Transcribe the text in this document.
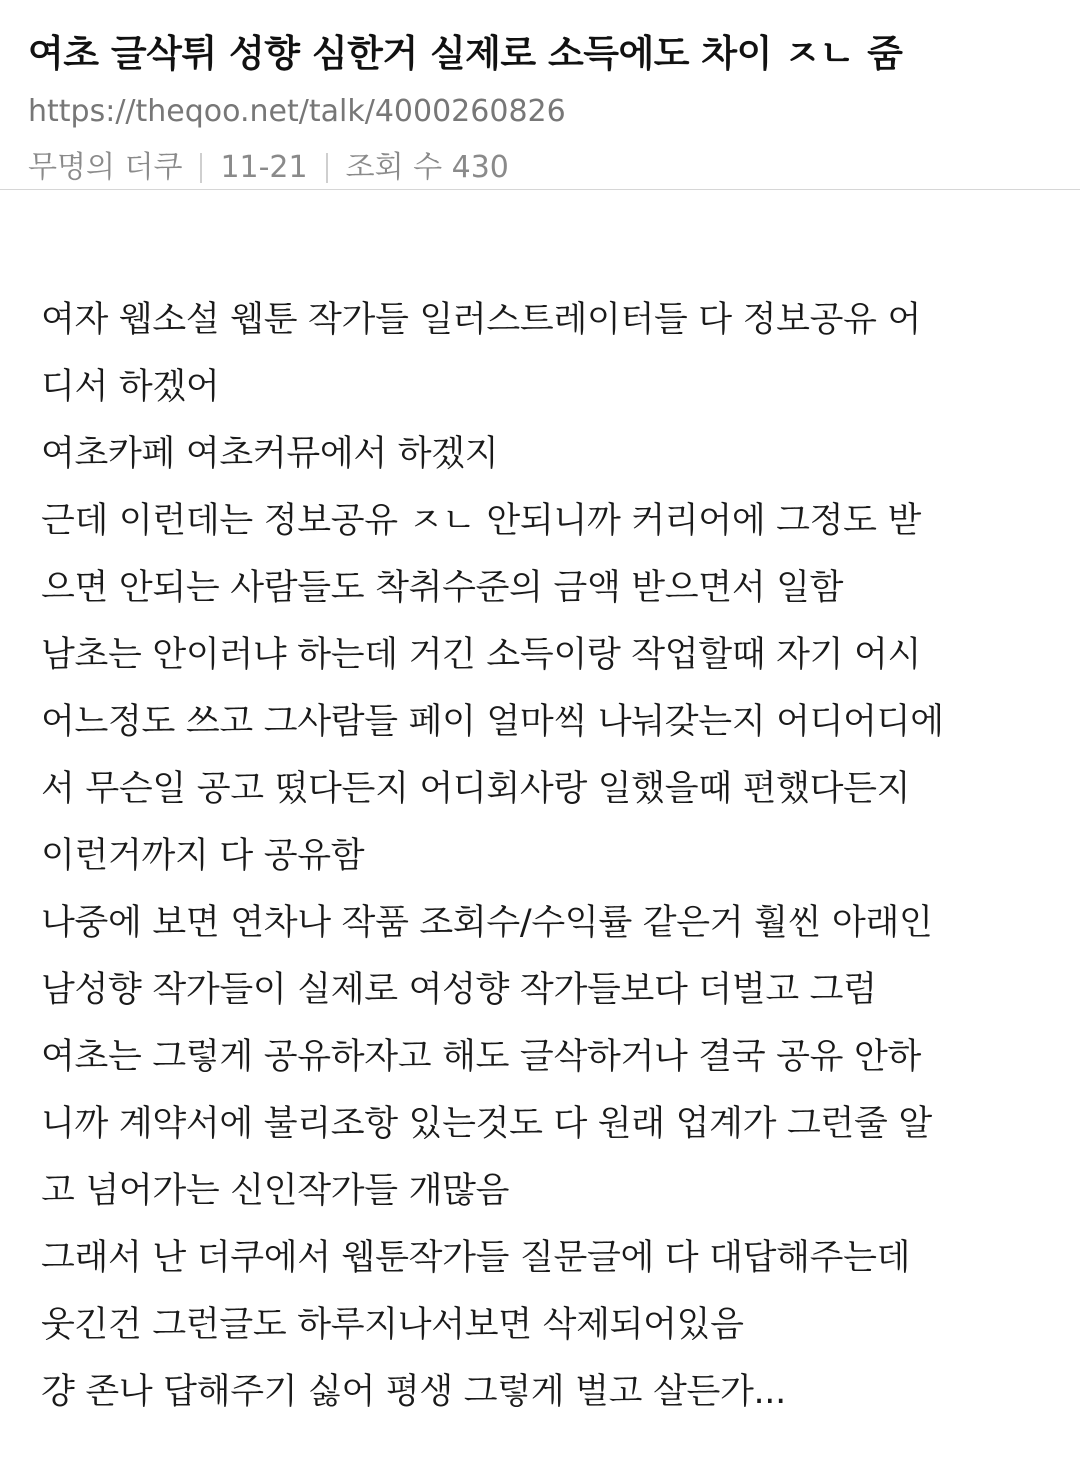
여초 글삭튀 성향 심한거 실제로 소득에도 차이 ㅈㄴ 줌
https://theqoo.net/talk/4000260826
무명의 더쿠 11-21 조회 수 430
여자 웹소설 웹툰 작가들 일러스트레이터들 다 정보공유 어
디서 하겠어
여초카페 여초커뮤에서 하겠지
근데 이런데는 정보공유 ㅈㄴ 안되니까 커리어에 그정도 받
으면 안되는 사람들도 착취수준의 금액 받으면서 일함
남초는 안이러냐 하는데 거긴 소득이랑 작업할때 자기 어시
어느정도 쓰고 그사람들 페이 얼마씩 나눠갖는지 어디어디에
서 무슨일 공고 떴다든지 어디회사랑 일했을때 편했다든지
이런거까지 다 공유함
나중에 보면 연차나 작품 조회수/수익률 같은거 훨씬 아래인
남성향 작가들이 실제로 여성향 작가들보다 더벌고 그럼
여초는 그렇게 공유하자고 해도 글삭하거나 결국 공유 안하
니까 계약서에 불리조항 있는것도 다 원래 업계가 그런줄 알
고 넘어가는 신인작가들 개많음
그래서 난 더쿠에서 웹툰작가들 질문글에 다 대답해주는데
웃긴건 그런글도 하루지나서보면 삭제되어있음
걍 존나 답해주기 싫어 평생 그렇게 벌고 살든가...
